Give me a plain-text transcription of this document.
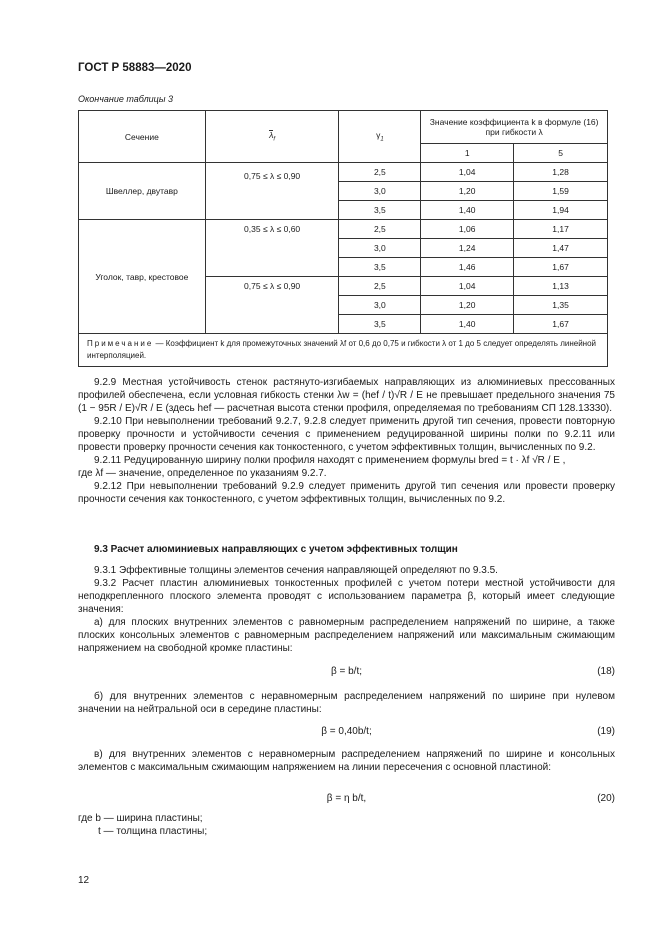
ГОСТ Р 58883—2020
Окончание таблицы 3
Сечение	$\lambda_f$	$\gamma_1$	Значение коэффициента k в формуле (16) при гибкости λ	
			1	5
Швеллер, двутавр	0,75 ≤ λ ≤ 0,90	2,5	1,04	1,28
		3,0	1,20	1,59
		3,5	1,40	1,94
Уголок, тавр, крестовое	0,35 ≤ λ ≤ 0,60	2,5	1,06	1,17
		3,0	1,24	1,47
		3,5	1,46	1,67
	0,75 ≤ λ ≤ 0,90	2,5	1,04	1,13
		3,0	1,20	1,35
		3,5	1,40	1,67
Примечание — Коэффициент k для промежуточных значений λf от 0,6 до 0,75 и гибкости λ от 1 до 5 следует определять линейной интерполяцией.				

9.2.9 Местная устойчивость стенок растянуто-изгибаемых направляющих из алюминиевых прессованных профилей обеспечена, если условная гибкость стенки λw = (hef / t)√R / E не превышает предельного значения 75 (1 − 95R / E)√R / E (здесь hef — расчетная высота стенки профиля, определяемая по требованиям СП 128.13330).

9.2.10 При невыполнении требований 9.2.7, 9.2.8 следует применить другой тип сечения, провести повторную проверку прочности и устойчивости сечения с применением редуцированной ширины полки по 9.2.11 или провести проверку прочности сечения как тонкостенного, с учетом эффективных толщин, вычисленных по 9.2.

9.2.11 Редуцированную ширину полки профиля находят с применением формулы bred = t · λf √R / E ,

где λf — значение, определенное по указаниям 9.2.7.

9.2.12 При невыполнении требований 9.2.9 следует применить другой тип сечения или провести проверку прочности сечения как тонкостенного, с учетом эффективных толщин, вычисленных по 9.2.

9.3 Расчет алюминиевых направляющих с учетом эффективных толщин

9.3.1 Эффективные толщины элементов сечения направляющей определяют по 9.3.5.

9.3.2 Расчет пластин алюминиевых тонкостенных профилей с учетом потери местной устойчивости для неподкрепленного плоского элемента проводят с использованием параметра β, который имеет следующие значения:

а) для плоских внутренних элементов с равномерным распределением напряжений по ширине, а также плоских консольных элементов с равномерным распределением напряжений или максимальным сжимающим напряжением на свободной кромке пластины:

β = b/t;	(18)

б) для внутренних элементов с неравномерным распределением напряжений по ширине при нулевом значении на нейтральной оси в середине пластины:

β = 0,40b/t;	(19)

в) для внутренних элементов с неравномерным распределением напряжений по ширине и консольных элементов с максимальным сжимающим напряжением на линии пересечения с основной пластиной:

β = η b/t,	(20)

где b — ширина пластины;

t — толщина пластины;

12
